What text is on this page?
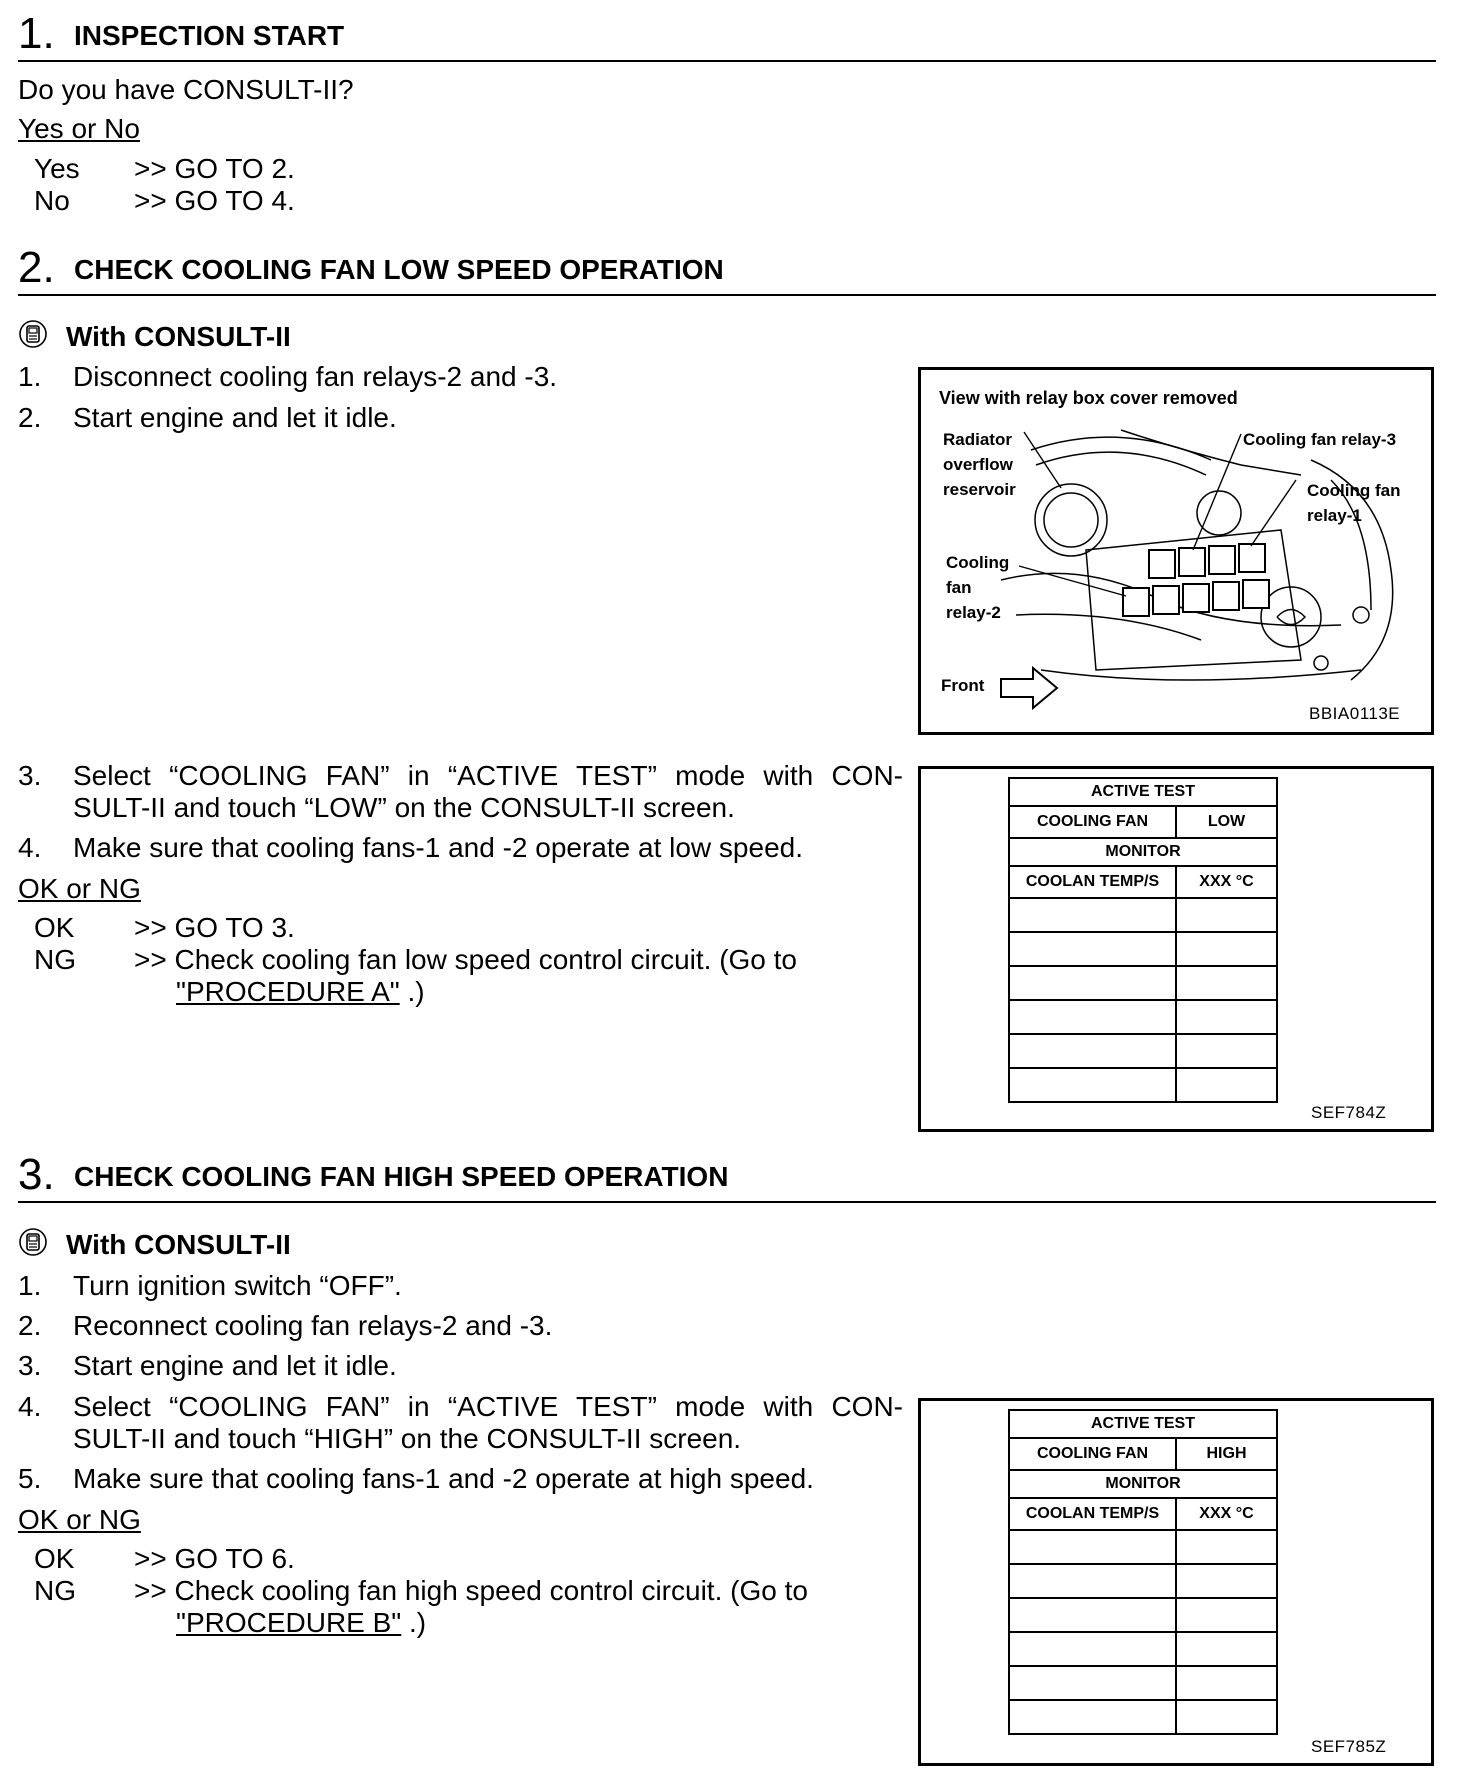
1. INSPECTION START
Do you have CONSULT-II?
Yes or No
Yes >> GO TO 2.
No >> GO TO 4.
2. CHECK COOLING FAN LOW SPEED OPERATION
With CONSULT-II
1. Disconnect cooling fan relays-2 and -3.
2. Start engine and let it idle.
3. Select “COOLING FAN” in “ACTIVE TEST” mode with CON-
SULT-II and touch “LOW” on the CONSULT-II screen.
4. Make sure that cooling fans-1 and -2 operate at low speed.
OK or NG
OK >> GO TO 3.
NG >> Check cooling fan low speed control circuit. (Go to
"PROCEDURE A" .)
View with relay box cover removed
Radiator
overflow
reservoir
Cooling fan relay-3
Cooling fan
relay-1
Cooling
fan
relay-2
Front
BBIA0113E
ACTIVE TEST	
COOLING FAN	LOW
MONITOR	
COOLAN TEMP/S	XXX °C

SEF784Z
3. CHECK COOLING FAN HIGH SPEED OPERATION
With CONSULT-II
1. Turn ignition switch “OFF”.
2. Reconnect cooling fan relays-2 and -3.
3. Start engine and let it idle.
4. Select “COOLING FAN” in “ACTIVE TEST” mode with CON-
SULT-II and touch “HIGH” on the CONSULT-II screen.
5. Make sure that cooling fans-1 and -2 operate at high speed.
OK or NG
OK >> GO TO 6.
NG >> Check cooling fan high speed control circuit. (Go to
"PROCEDURE B" .)
ACTIVE TEST	
COOLING FAN	HIGH
MONITOR	
COOLAN TEMP/S	XXX °C

SEF785Z
